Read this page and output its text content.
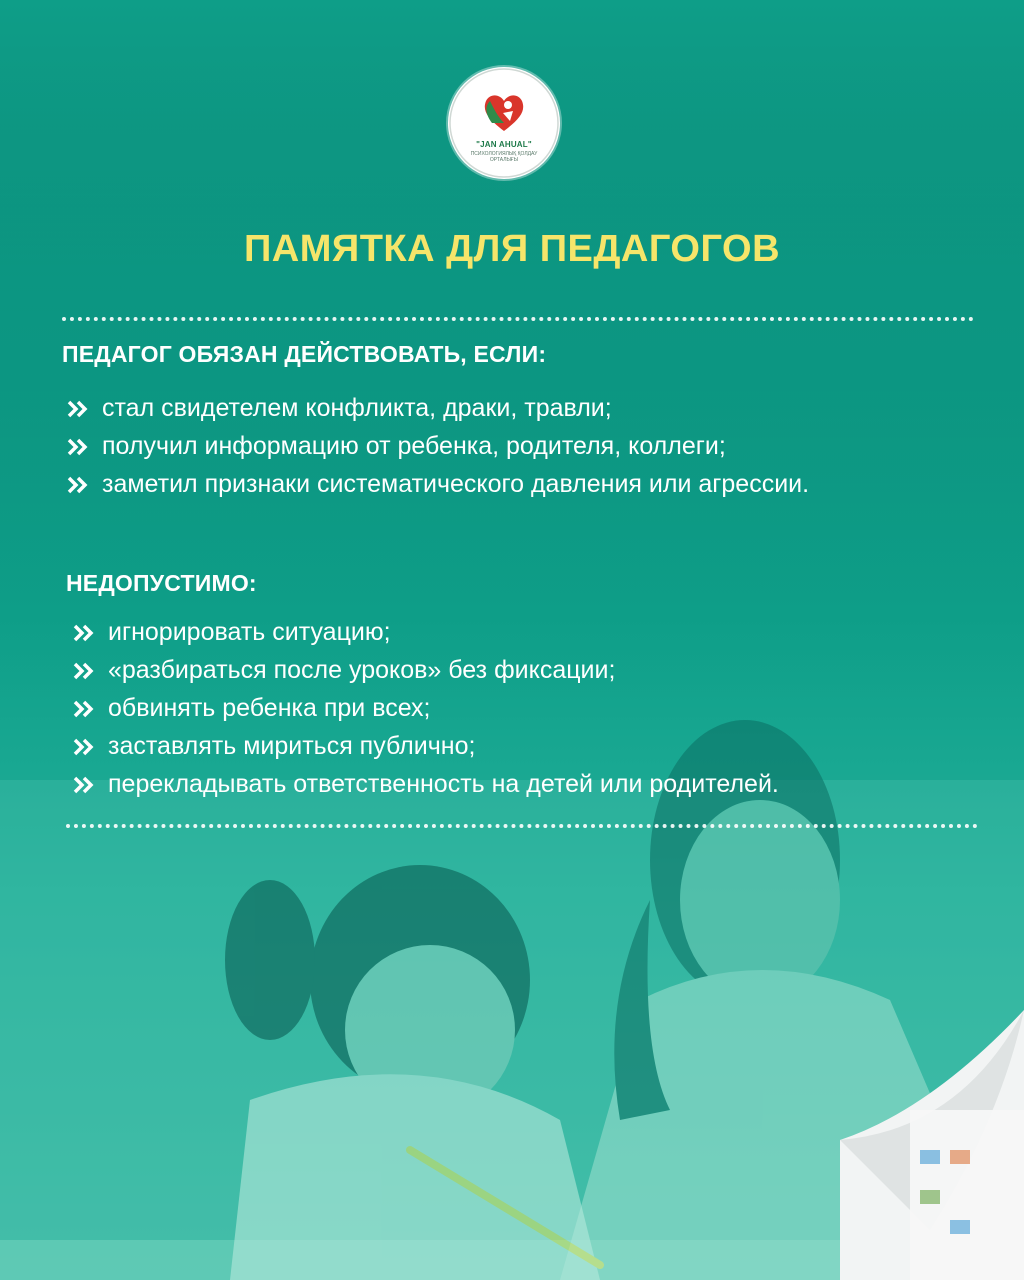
"JAN AHUAL"
ПСИХОЛОГИЯЛЫҚ ҚОЛДАУ ОРТАЛЫҒЫ
ПАМЯТКА ДЛЯ ПЕДАГОГОВ
ПЕДАГОГ ОБЯЗАН ДЕЙСТВОВАТЬ, ЕСЛИ:
стал свидетелем конфликта, драки, травли;
получил информацию от ребенка, родителя, коллеги;
заметил признаки систематического давления или агрессии.
НЕДОПУСТИМО:
игнорировать ситуацию;
«разбираться после уроков» без фиксации;
обвинять ребенка при всех;
заставлять мириться публично;
перекладывать ответственность на детей или родителей.
